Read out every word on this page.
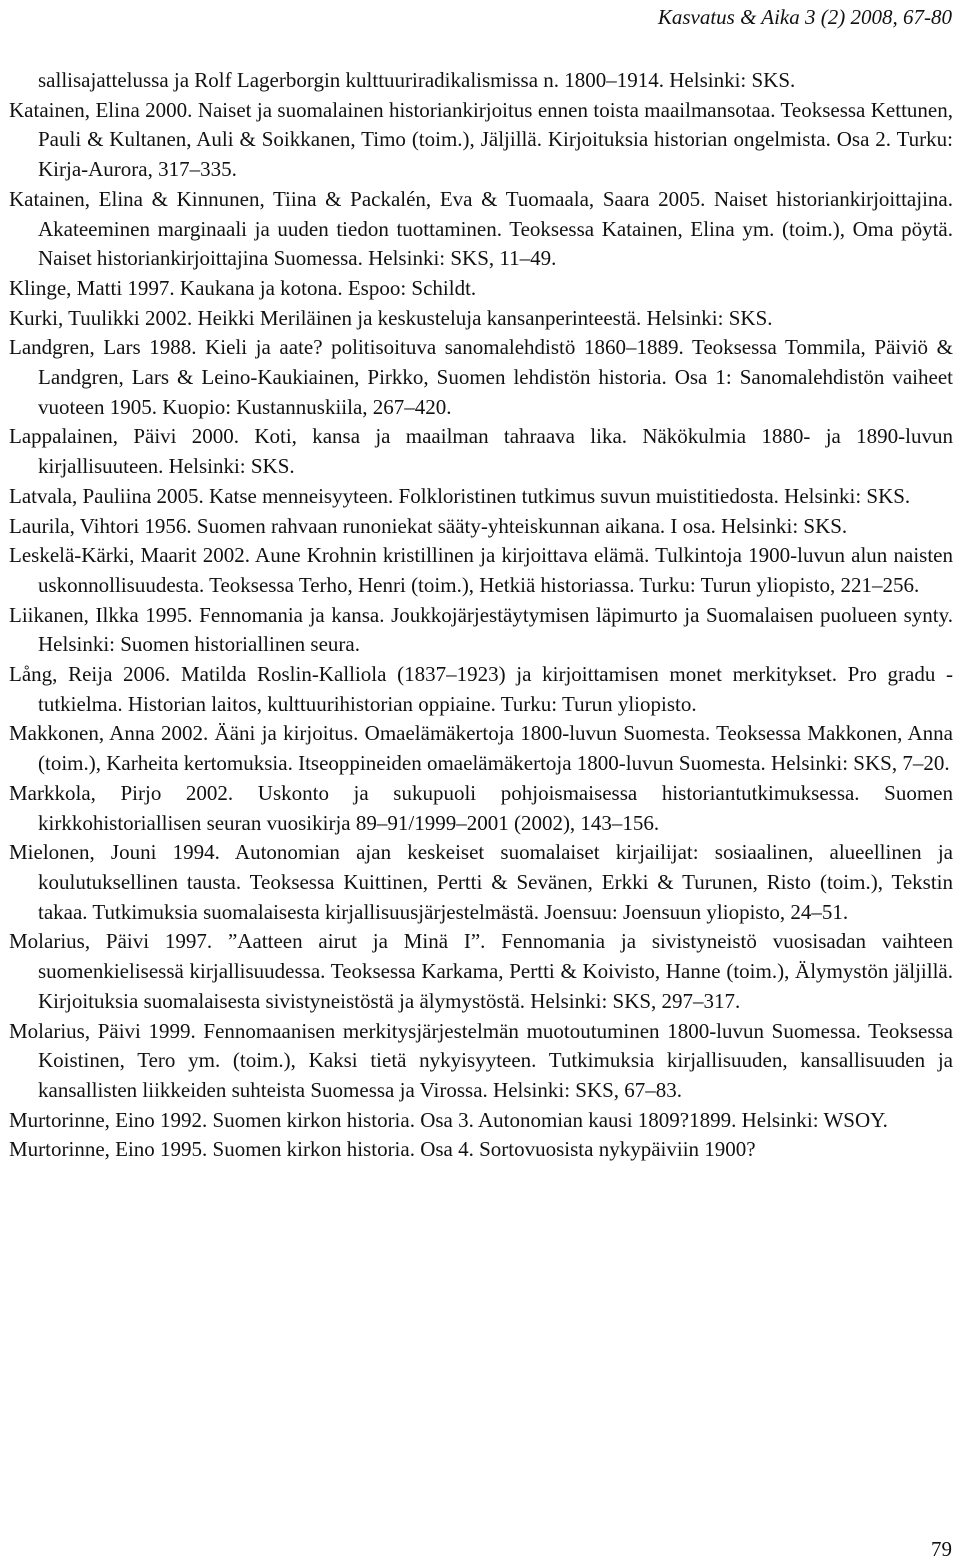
Kasvatus & Aika 3 (2) 2008, 67-80
sallisajattelussa ja Rolf Lagerborgin kulttuuriradikalismissa n. 1800–1914. Helsinki: SKS.
Katainen, Elina 2000. Naiset ja suomalainen historiankirjoitus ennen toista maailmansotaa. Teoksessa Kettunen, Pauli & Kultanen, Auli & Soikkanen, Timo (toim.), Jäljillä. Kirjoituksia historian ongelmista. Osa 2. Turku: Kirja-Aurora, 317–335.
Katainen, Elina & Kinnunen, Tiina & Packalén, Eva & Tuomaala, Saara 2005. Naiset historiankirjoittajina. Akateeminen marginaali ja uuden tiedon tuottaminen. Teoksessa Katainen, Elina ym. (toim.), Oma pöytä. Naiset historiankirjoittajina Suomessa. Helsinki: SKS, 11–49.
Klinge, Matti 1997. Kaukana ja kotona. Espoo: Schildt.
Kurki, Tuulikki 2002. Heikki Meriläinen ja keskusteluja kansanperinteestä. Helsinki: SKS.
Landgren, Lars 1988. Kieli ja aate? politisoituva sanomalehdistö 1860–1889. Teoksessa Tommila, Päiviö & Landgren, Lars & Leino-Kaukiainen, Pirkko, Suomen lehdistön historia. Osa 1: Sanomalehdistön vaiheet vuoteen 1905. Kuopio: Kustannuskiila, 267–420.
Lappalainen, Päivi 2000. Koti, kansa ja maailman tahraava lika. Näkökulmia 1880- ja 1890-luvun kirjallisuuteen. Helsinki: SKS.
Latvala, Pauliina 2005. Katse menneisyyteen. Folkloristinen tutkimus suvun muistitiedosta. Helsinki: SKS.
Laurila, Vihtori 1956. Suomen rahvaan runoniekat sääty-yhteiskunnan aikana. I osa. Helsinki: SKS.
Leskelä-Kärki, Maarit 2002. Aune Krohnin kristillinen ja kirjoittava elämä. Tulkintoja 1900-luvun alun naisten uskonnollisuudesta. Teoksessa Terho, Henri (toim.), Hetkiä historiassa. Turku: Turun yliopisto, 221–256.
Liikanen, Ilkka 1995. Fennomania ja kansa. Joukkojärjestäytymisen läpimurto ja Suomalaisen puolueen synty. Helsinki: Suomen historiallinen seura.
Lång, Reija 2006. Matilda Roslin-Kalliola (1837–1923) ja kirjoittamisen monet merkitykset. Pro gradu -tutkielma. Historian laitos, kulttuurihistorian oppiaine. Turku: Turun yliopisto.
Makkonen, Anna 2002. Ääni ja kirjoitus. Omaelämäkertoja 1800-luvun Suomesta. Teoksessa Makkonen, Anna (toim.), Karheita kertomuksia. Itseoppineiden omaelämäkertoja 1800-luvun Suomesta. Helsinki: SKS, 7–20.
Markkola, Pirjo 2002. Uskonto ja sukupuoli pohjoismaisessa historiantutkimuksessa. Suomen kirkkohistoriallisen seuran vuosikirja 89–91/1999–2001 (2002), 143–156.
Mielonen, Jouni 1994. Autonomian ajan keskeiset suomalaiset kirjailijat: sosiaalinen, alueellinen ja koulutuksellinen tausta. Teoksessa Kuittinen, Pertti & Sevänen, Erkki & Turunen, Risto (toim.), Tekstin takaa. Tutkimuksia suomalaisesta kirjallisuusjärjestelmästä. Joensuu: Joensuun yliopisto, 24–51.
Molarius, Päivi 1997. ”Aatteen airut ja Minä I”. Fennomania ja sivistyneistö vuosisadan vaihteen suomenkielisessä kirjallisuudessa. Teoksessa Karkama, Pertti & Koivisto, Hanne (toim.), Älymystön jäljillä. Kirjoituksia suomalaisesta sivistyneistöstä ja älymystöstä. Helsinki: SKS, 297–317.
Molarius, Päivi 1999. Fennomaanisen merkitysjärjestelmän muotoutuminen 1800-luvun Suomessa. Teoksessa Koistinen, Tero ym. (toim.), Kaksi tietä nykyisyyteen. Tutkimuksia kirjallisuuden, kansallisuuden ja kansallisten liikkeiden suhteista Suomessa ja Virossa. Helsinki: SKS, 67–83.
Murtorinne, Eino 1992. Suomen kirkon historia. Osa 3. Autonomian kausi 1809?1899. Helsinki: WSOY.
Murtorinne, Eino 1995. Suomen kirkon historia. Osa 4. Sortovuosista nykypäiviin 1900?
79
